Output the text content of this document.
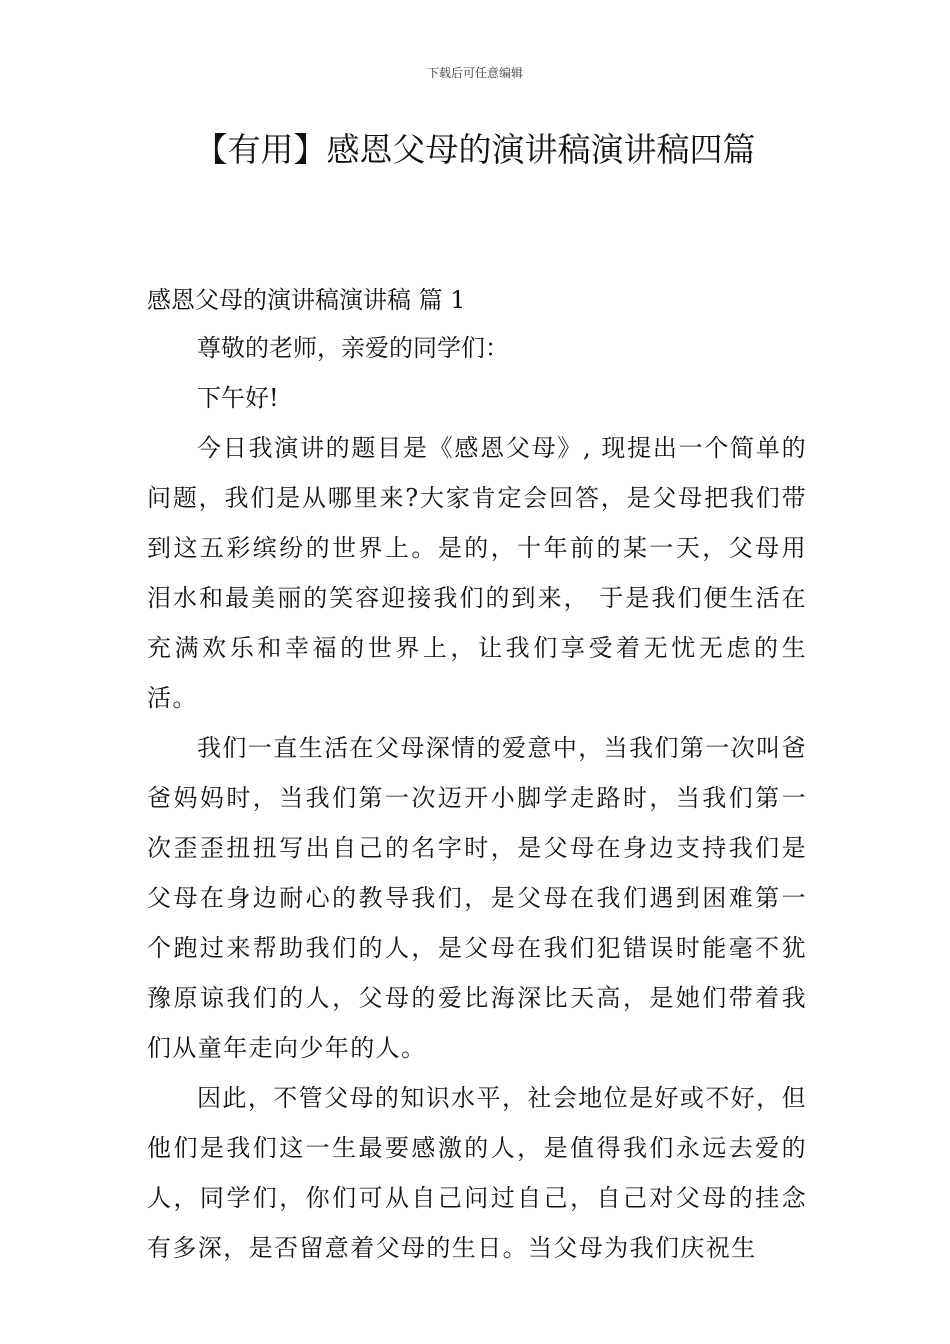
下载后可任意编辑
【有用】感恩父母的演讲稿演讲稿四篇
感恩父母的演讲稿演讲稿 篇 1

尊敬的老师，亲爱的同学们：

下午好!

今日我演讲的题目是《感恩父母》, 现提出一个简单的问题，我们是从哪里来?大家肯定会回答，是父母把我们带到这五彩缤纷的世界上。是的，十年前的某一天，父母用泪水和最美丽的笑容迎接我们的到来， 于是我们便生活在充满欢乐和幸福的世界上，让我们享受着无忧无虑的生活。

我们一直生活在父母深情的爱意中，当我们第一次叫爸爸妈妈时，当我们第一次迈开小脚学走路时，当我们第一次歪歪扭扭写出自己的名字时，是父母在身边支持我们是父母在身边耐心的教导我们，是父母在我们遇到困难第一个跑过来帮助我们的人，是父母在我们犯错误时能毫不犹豫原谅我们的人，父母的爱比海深比天高，是她们带着我们从童年走向少年的人。

因此，不管父母的知识水平，社会地位是好或不好，但他们是我们这一生最要感激的人，是值得我们永远去爱的人，同学们，你们可从自己问过自己，自己对父母的挂念有多深，是否留意着父母的生日。当父母为我们庆祝生
